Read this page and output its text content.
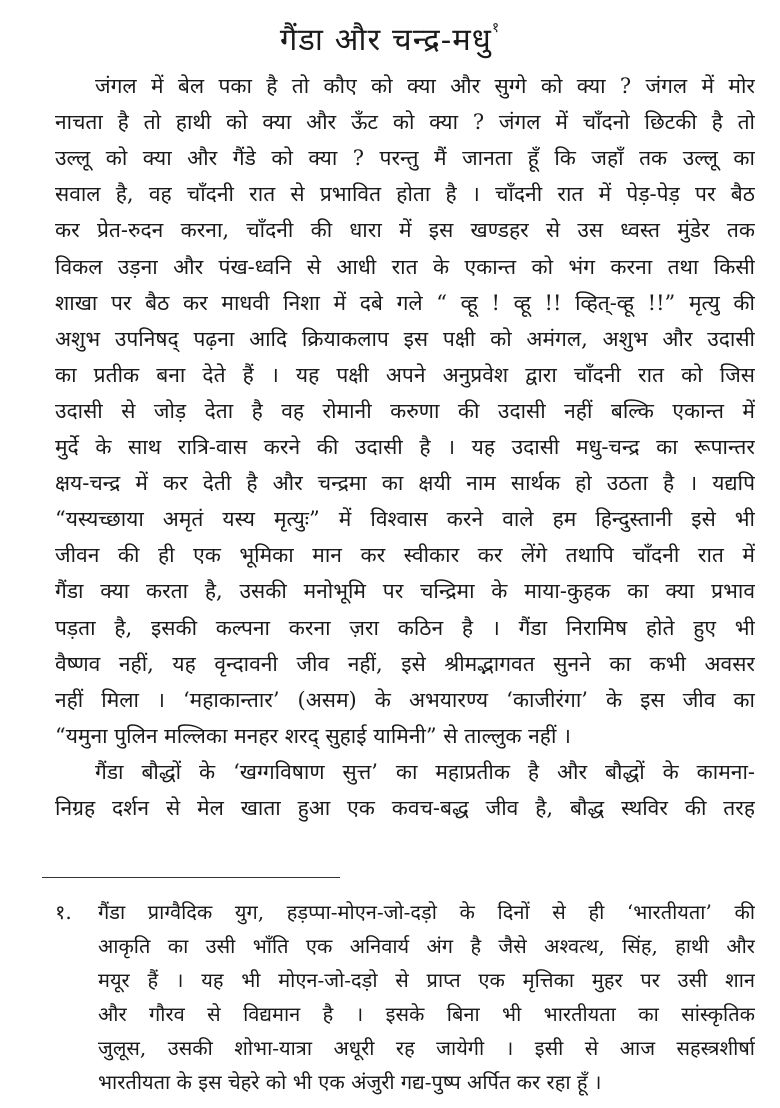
गैंडा और चन्द्र-मधु$^१$
जंगल में बेल पका है तो कौए को क्या और सुग्गे को क्या ? जंगल में मोर
नाचता है तो हाथी को क्या और ऊँट को क्या ? जंगल में चाँदनो छिटकी है तो
उल्लू को क्या और गैंडे को क्या ? परन्तु मैं जानता हूँ कि जहाँ तक उल्लू का
सवाल है, वह चाँदनी रात से प्रभावित होता है । चाँदनी रात में पेड़-पेड़ पर बैठ
कर प्रेत-रुदन करना, चाँदनी की धारा में इस खण्डहर से उस ध्वस्त मुंडेर तक
विकल उड़ना और पंख-ध्वनि से आधी रात के एकान्त को भंग करना तथा किसी
शाखा पर बैठ कर माधवी निशा में दबे गले “ व्हू ! व्हू !! व्हित्-व्हू !!” मृत्यु की
अशुभ उपनिषद् पढ़ना आदि क्रियाकलाप इस पक्षी को अमंगल, अशुभ और उदासी
का प्रतीक बना देते हैं । यह पक्षी अपने अनुप्रवेश द्वारा चाँदनी रात को जिस
उदासी से जोड़ देता है वह रोमानी करुणा की उदासी नहीं बल्कि एकान्त में
मुर्दे के साथ रात्रि-वास करने की उदासी है । यह उदासी मधु-चन्द्र का रूपान्तर
क्षय-चन्द्र में कर देती है और चन्द्रमा का क्षयी नाम सार्थक हो उठता है । यद्यपि
“यस्यच्छाया अमृतं यस्य मृत्युः” में विश्वास करने वाले हम हिन्दुस्तानी इसे भी
जीवन की ही एक भूमिका मान कर स्वीकार कर लेंगे तथापि चाँदनी रात में
गैंडा क्या करता है, उसकी मनोभूमि पर चन्द्रिमा के माया-कुहक का क्या प्रभाव
पड़ता है, इसकी कल्पना करना ज़रा कठिन है । गैंडा निरामिष होते हुए भी
वैष्णव नहीं, यह वृन्दावनी जीव नहीं, इसे श्रीमद्भागवत सुनने का कभी अवसर
नहीं मिला । ‘महाकान्तार’ (असम) के अभयारण्य ‘काजीरंगा’ के इस जीव का
“यमुना पुलिन मल्लिका मनहर शरद् सुहाई यामिनी” से ताल्लुक नहीं ।
गैंडा बौद्धों के ‘खग्गविषाण सुत्त’ का महाप्रतीक है और बौद्धों के कामना-
निग्रह दर्शन से मेल खाता हुआ एक कवच-बद्ध जीव है, बौद्ध स्थविर की तरह
१. गैंडा प्राग्वैदिक युग, हड़प्पा-मोएन-जो-दड़ो के दिनों से ही ‘भारतीयता’ की
आकृति का उसी भाँति एक अनिवार्य अंग है जैसे अश्वत्थ, सिंह, हाथी और
मयूर हैं । यह भी मोएन-जो-दड़ो से प्राप्त एक मृत्तिका मुहर पर उसी शान
और गौरव से विद्यमान है । इसके बिना भी भारतीयता का सांस्कृतिक
जुलूस, उसकी शोभा-यात्रा अधूरी रह जायेगी । इसी से आज सहस्त्रशीर्षा
भारतीयता के इस चेहरे को भी एक अंजुरी गद्य-पुष्प अर्पित कर रहा हूँ ।
